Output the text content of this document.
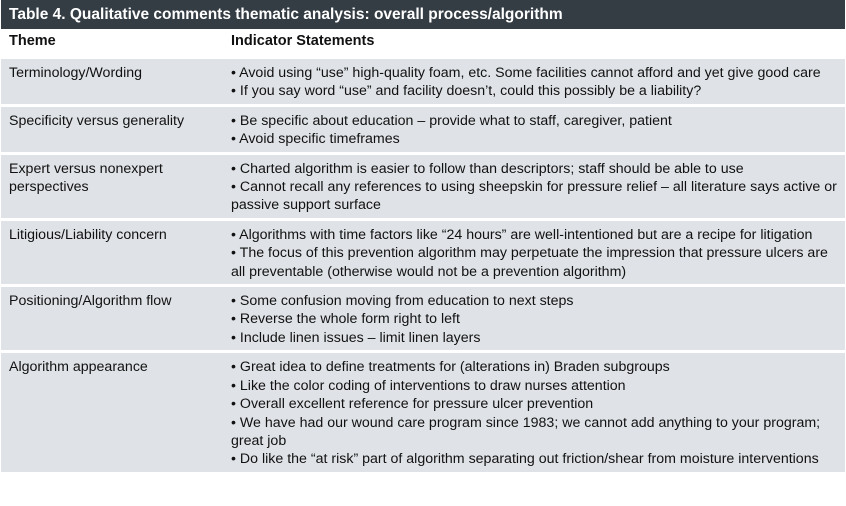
Table 4. Qualitative comments thematic analysis: overall process/algorithm
Theme	Indicator Statements
Terminology/Wording	• Avoid using “use” high-quality foam, etc. Some facilities cannot afford and yet give good care
• If you say word “use” and facility doesn’t, could this possibly be a liability?

Specificity versus generality	• Be specific about education – provide what to staff, caregiver, patient
• Avoid specific timeframes

Expert versus nonexpert perspectives	• Charted algorithm is easier to follow than descriptors; staff should be able to use
• Cannot recall any references to using sheepskin for pressure relief – all literature says active or passive support surface

Litigious/Liability concern	• Algorithms with time factors like “24 hours” are well-intentioned but are a recipe for litigation
• The focus of this prevention algorithm may perpetuate the impression that pressure ulcers are all preventable (otherwise would not be a prevention algorithm)

Positioning/Algorithm flow	• Some confusion moving from education to next steps
• Reverse the whole form right to left
• Include linen issues – limit linen layers

Algorithm appearance	• Great idea to define treatments for (alterations in) Braden subgroups
• Like the color coding of interventions to draw nurses attention
• Overall excellent reference for pressure ulcer prevention
• We have had our wound care program since 1983; we cannot add anything to your program; great job
• Do like the “at risk” part of algorithm separating out friction/shear from moisture interventions
